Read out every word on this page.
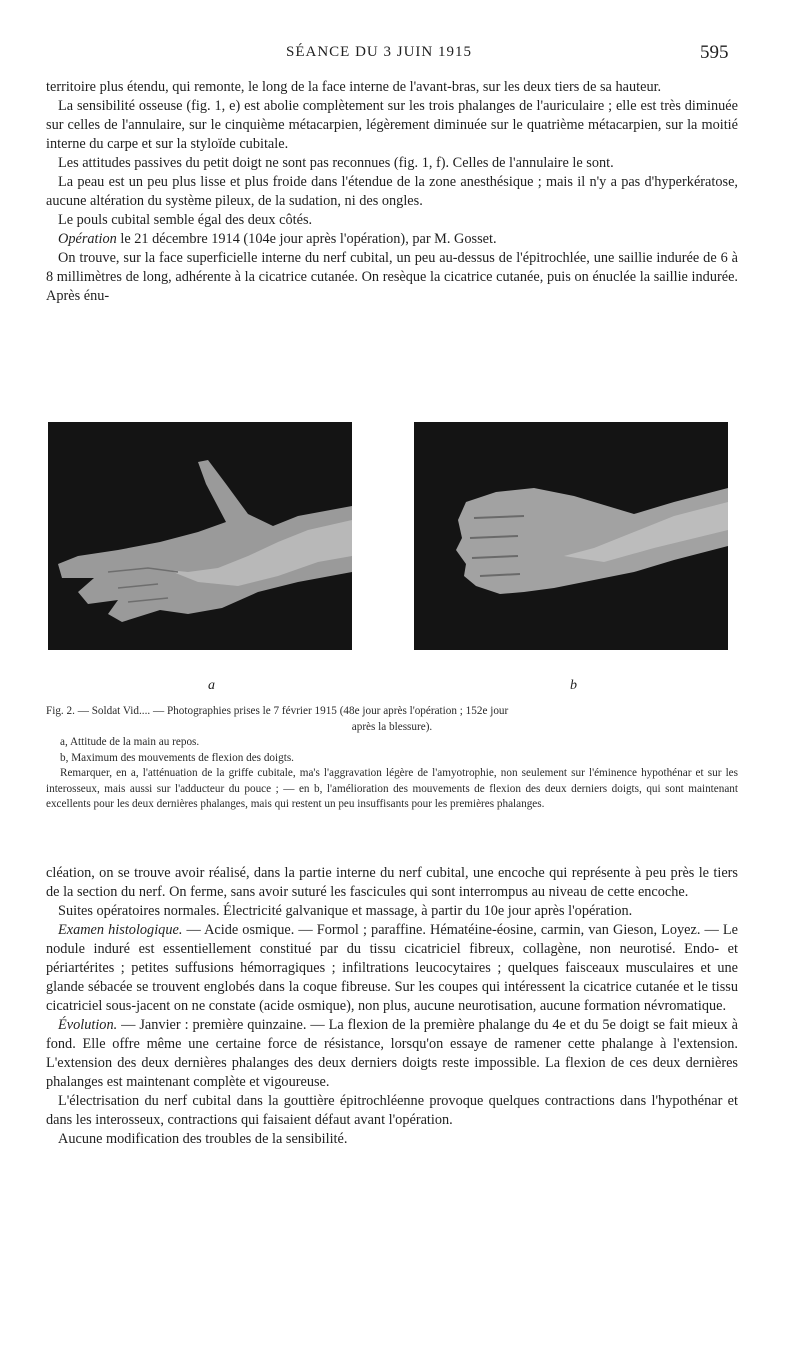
SÉANCE DU 3 JUIN 1915	595

territoire plus étendu, qui remonte, le long de la face interne de l'avant-bras, sur les deux tiers de sa hauteur.

La sensibilité osseuse (fig. 1, e) est abolie complètement sur les trois phalanges de l'auriculaire ; elle est très diminuée sur celles de l'annulaire, sur le cinquième métacarpien, légèrement diminuée sur le quatrième métacarpien, sur la moitié interne du carpe et sur la styloïde cubitale.

Les attitudes passives du petit doigt ne sont pas reconnues (fig. 1, f). Celles de l'annulaire le sont.

La peau est un peu plus lisse et plus froide dans l'étendue de la zone anesthésique ; mais il n'y a pas d'hyperkératose, aucune altération du système pileux, de la sudation, ni des ongles.

Le pouls cubital semble égal des deux côtés.

Opération le 21 décembre 1914 (104e jour après l'opération), par M. Gosset.

On trouve, sur la face superficielle interne du nerf cubital, un peu au-dessus de l'épitrochlée, une saillie indurée de 6 à 8 millimètres de long, adhérente à la cicatrice cutanée. On resèque la cicatrice cutanée, puis on énuclée la saillie indurée. Après énu-

a	b

Fig. 2. — Soldat Vid.... — Photographies prises le 7 février 1915 (48e jour après l'opération ; 152e jour

après la blessure).

a, Attitude de la main au repos.

b, Maximum des mouvements de flexion des doigts.

Remarquer, en a, l'atténuation de la griffe cubitale, ma's l'aggravation légère de l'amyotrophie, non seulement sur l'éminence hypothénar et sur les interosseux, mais aussi sur l'adducteur du pouce ; — en b, l'amélioration des mouvements de flexion des deux derniers doigts, qui sont maintenant excellents pour les deux dernières phalanges, mais qui restent un peu insuffisants pour les premières phalanges.

cléation, on se trouve avoir réalisé, dans la partie interne du nerf cubital, une encoche qui représente à peu près le tiers de la section du nerf. On ferme, sans avoir suturé les fascicules qui sont interrompus au niveau de cette encoche.

Suites opératoires normales. Électricité galvanique et massage, à partir du 10e jour après l'opération.

Examen histologique. — Acide osmique. — Formol ; paraffine. Hématéine-éosine, carmin, van Gieson, Loyez. — Le nodule induré est essentiellement constitué par du tissu cicatriciel fibreux, collagène, non neurotisé. Endo- et périartérites ; petites suffusions hémorragiques ; infiltrations leucocytaires ; quelques faisceaux musculaires et une glande sébacée se trouvent englobés dans la coque fibreuse. Sur les coupes qui intéressent la cicatrice cutanée et le tissu cicatriciel sous-jacent on ne constate (acide osmique), non plus, aucune neurotisation, aucune formation névromatique.

Évolution. — Janvier : première quinzaine. — La flexion de la première phalange du 4e et du 5e doigt se fait mieux à fond. Elle offre même une certaine force de résistance, lorsqu'on essaye de ramener cette phalange à l'extension. L'extension des deux dernières phalanges des deux derniers doigts reste impossible. La flexion de ces deux dernières phalanges est maintenant complète et vigoureuse.

L'électrisation du nerf cubital dans la gouttière épitrochléenne provoque quelques contractions dans l'hypothénar et dans les interosseux, contractions qui faisaient défaut avant l'opération.

Aucune modification des troubles de la sensibilité.
